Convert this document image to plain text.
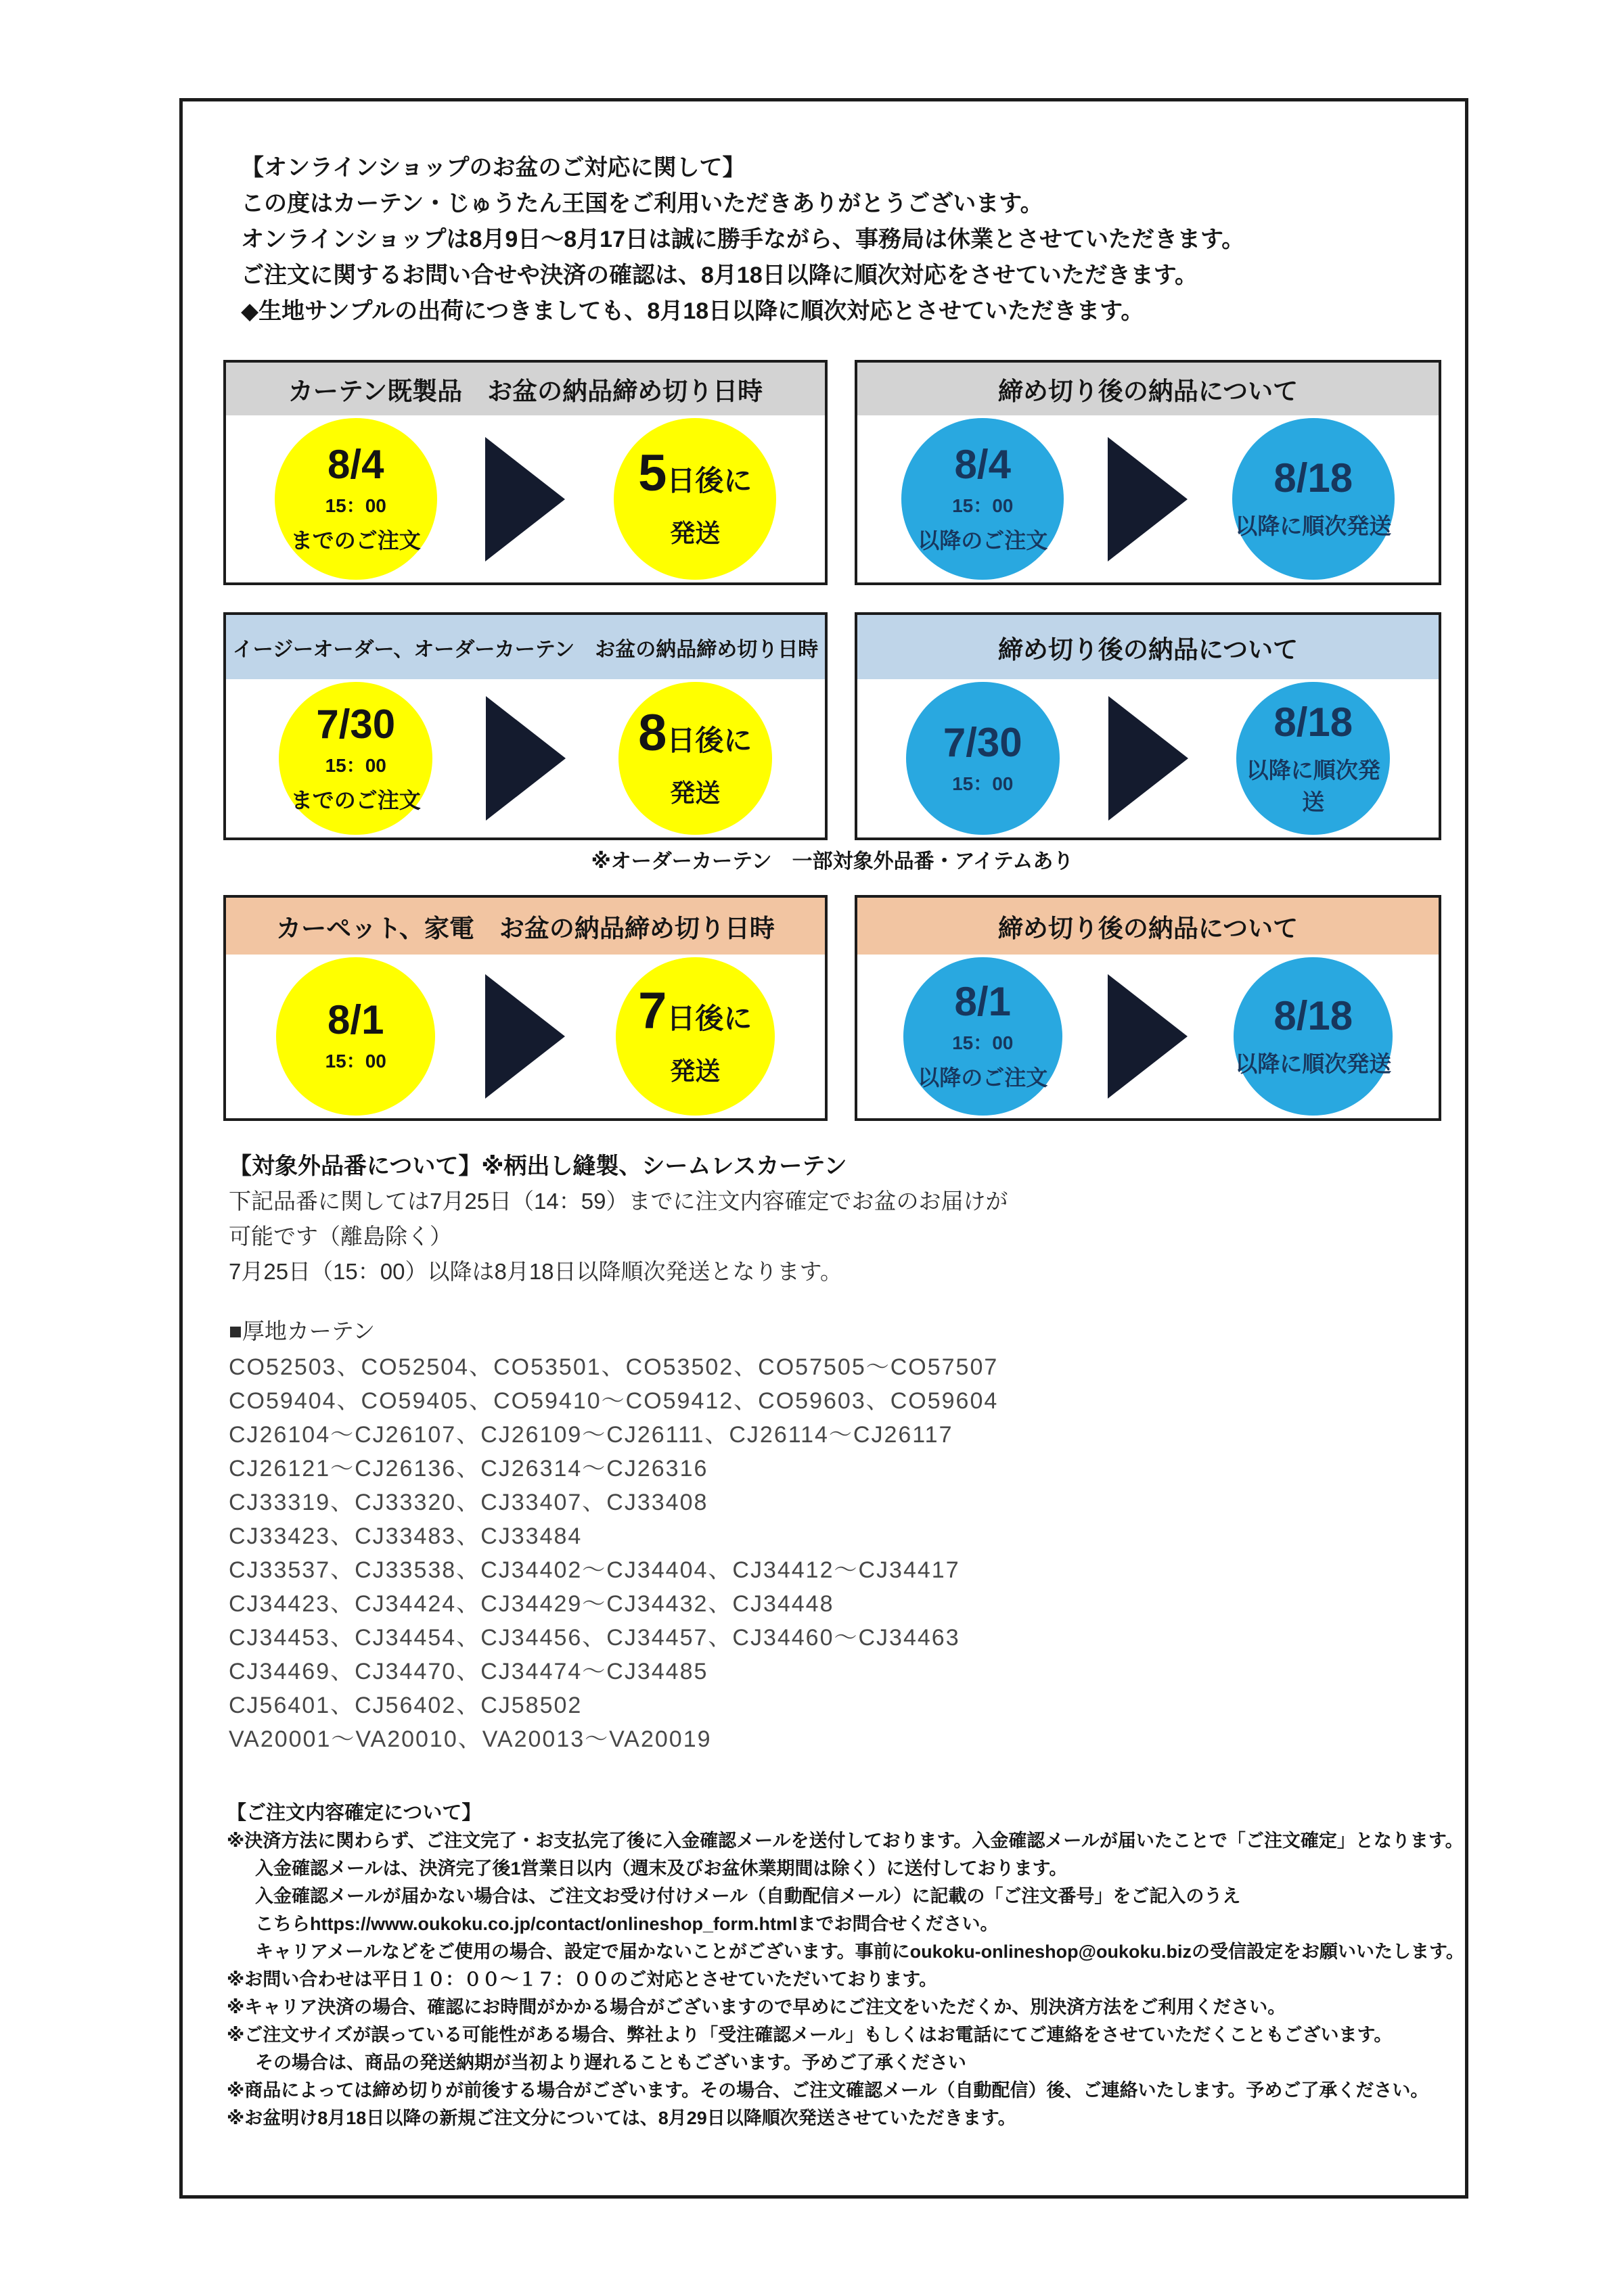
【オンラインショップのお盆のご対応に関して】
この度はカーテン・じゅうたん王国をご利用いただきありがとうございます。
オンラインショップは8月9日～8月17日は誠に勝手ながら、事務局は休業とさせていただきます。
ご注文に関するお問い合せや決済の確認は、8月18日以降に順次対応をさせていただきます。
◆生地サンプルの出荷につきましても、8月18日以降に順次対応とさせていただきます。
カーテン既製品　お盆の納品締め切り日時
8/4
15：00
までのご注文
5 日後に
発送
締め切り後の納品について
8/4
15：00
以降のご注文
8/18
以降に順次発送
イージーオーダー、オーダーカーテン　お盆の納品締め切り日時
7/30
15：00
までのご注文
8 日後に
発送
締め切り後の納品について
7/30
15：00
8/18
以降に順次発送
※オーダーカーテン　一部対象外品番・アイテムあり
カーペット、家電　お盆の納品締め切り日時
8/1
15：00
7 日後に
発送
締め切り後の納品について
8/1
15：00
以降のご注文
8/18
以降に順次発送
【対象外品番について】※柄出し縫製、シームレスカーテン
下記品番に関しては7月25日（14：59）までに注文内容確定でお盆のお届けが
可能です（離島除く）
7月25日（15：00）以降は8月18日以降順次発送となります。
■厚地カーテン
CO52503、CO52504、CO53501、CO53502、CO57505～CO57507
CO59404、CO59405、CO59410～CO59412、CO59603、CO59604
CJ26104～CJ26107、CJ26109～CJ26111、CJ26114～CJ26117
CJ26121～CJ26136、CJ26314～CJ26316
CJ33319、CJ33320、CJ33407、CJ33408
CJ33423、CJ33483、CJ33484
CJ33537、CJ33538、CJ34402～CJ34404、CJ34412～CJ34417
CJ34423、CJ34424、CJ34429～CJ34432、CJ34448
CJ34453、CJ34454、CJ34456、CJ34457、CJ34460～CJ34463
CJ34469、CJ34470、CJ34474～CJ34485
CJ56401、CJ56402、CJ58502
VA20001～VA20010、VA20013～VA20019
【ご注文内容確定について】
※決済方法に関わらず、ご注文完了・お支払完了後に入金確認メールを送付しております。入金確認メールが届いたことで「ご注文確定」となります。
入金確認メールは、決済完了後1営業日以内（週末及びお盆休業期間は除く）に送付しております。
入金確認メールが届かない場合は、ご注文お受け付けメール（自動配信メール）に記載の「ご注文番号」をご記入のうえ
こちらhttps://www.oukoku.co.jp/contact/onlineshop_form.htmlまでお問合せください。
キャリアメールなどをご使用の場合、設定で届かないことがございます。事前にoukoku-onlineshop@oukoku.bizの受信設定をお願いいたします。
※お問い合わせは平日１０：００～１７：００のご対応とさせていただいております。
※キャリア決済の場合、確認にお時間がかかる場合がございますので早めにご注文をいただくか、別決済方法をご利用ください。
※ご注文サイズが誤っている可能性がある場合、弊社より「受注確認メール」もしくはお電話にてご連絡をさせていただくこともございます。
その場合は、商品の発送納期が当初より遅れることもございます。予めご了承ください
※商品によっては締め切りが前後する場合がございます。その場合、ご注文確認メール（自動配信）後、ご連絡いたします。予めご了承ください。
※お盆明け8月18日以降の新規ご注文分については、8月29日以降順次発送させていただきます。
